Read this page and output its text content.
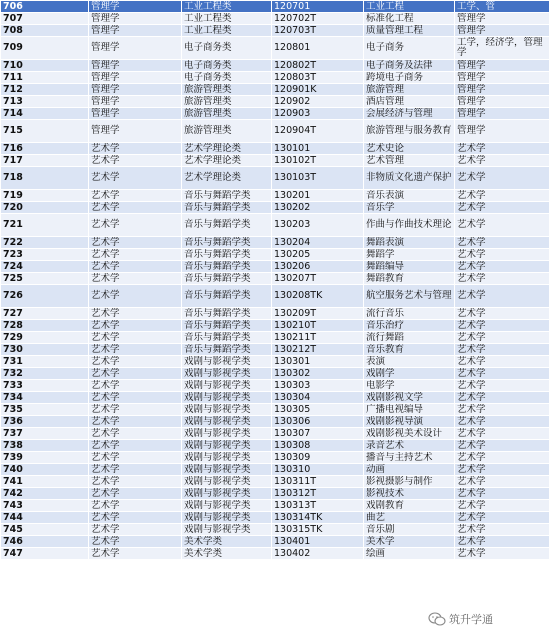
706	管理学	工业工程类	120701	工业工程	工学、管
707	管理学	工业工程类	120702T	标准化工程	管理学
708	管理学	工业工程类	120703T	质量管理工程	管理学
709	管理学	电子商务类	120801	电子商务	工学，经济学，管理学
710	管理学	电子商务类	120802T	电子商务及法律	管理学
711	管理学	电子商务类	120803T	跨境电子商务	管理学
712	管理学	旅游管理类	120901K	旅游管理	管理学
713	管理学	旅游管理类	120902	酒店管理	管理学
714	管理学	旅游管理类	120903	会展经济与管理	管理学
715	管理学	旅游管理类	120904T	旅游管理与服务教育	管理学
716	艺术学	艺术学理论类	130101	艺术史论	艺术学
717	艺术学	艺术学理论类	130102T	艺术管理	艺术学
718	艺术学	艺术学理论类	130103T	非物质文化遗产保护	艺术学
719	艺术学	音乐与舞蹈学类	130201	音乐表演	艺术学
720	艺术学	音乐与舞蹈学类	130202	音乐学	艺术学
721	艺术学	音乐与舞蹈学类	130203	作曲与作曲技术理论	艺术学
722	艺术学	音乐与舞蹈学类	130204	舞蹈表演	艺术学
723	艺术学	音乐与舞蹈学类	130205	舞蹈学	艺术学
724	艺术学	音乐与舞蹈学类	130206	舞蹈编导	艺术学
725	艺术学	音乐与舞蹈学类	130207T	舞蹈教育	艺术学
726	艺术学	音乐与舞蹈学类	130208TK	航空服务艺术与管理	艺术学
727	艺术学	音乐与舞蹈学类	130209T	流行音乐	艺术学
728	艺术学	音乐与舞蹈学类	130210T	音乐治疗	艺术学
729	艺术学	音乐与舞蹈学类	130211T	流行舞蹈	艺术学
730	艺术学	音乐与舞蹈学类	130212T	音乐教育	艺术学
731	艺术学	戏剧与影视学类	130301	表演	艺术学
732	艺术学	戏剧与影视学类	130302	戏剧学	艺术学
733	艺术学	戏剧与影视学类	130303	电影学	艺术学
734	艺术学	戏剧与影视学类	130304	戏剧影视文学	艺术学
735	艺术学	戏剧与影视学类	130305	广播电视编导	艺术学
736	艺术学	戏剧与影视学类	130306	戏剧影视导演	艺术学
737	艺术学	戏剧与影视学类	130307	戏剧影视美术设计	艺术学
738	艺术学	戏剧与影视学类	130308	录音艺术	艺术学
739	艺术学	戏剧与影视学类	130309	播音与主持艺术	艺术学
740	艺术学	戏剧与影视学类	130310	动画	艺术学
741	艺术学	戏剧与影视学类	130311T	影视摄影与制作	艺术学
742	艺术学	戏剧与影视学类	130312T	影视技术	艺术学
743	艺术学	戏剧与影视学类	130313T	戏剧教育	艺术学
744	艺术学	戏剧与影视学类	130314TK	曲艺	艺术学
745	艺术学	戏剧与影视学类	130315TK	音乐剧	艺术学
746	艺术学	美术学类	130401	美术学	艺术学
747	艺术学	美术学类	130402	绘画	艺术学
筑升学通
